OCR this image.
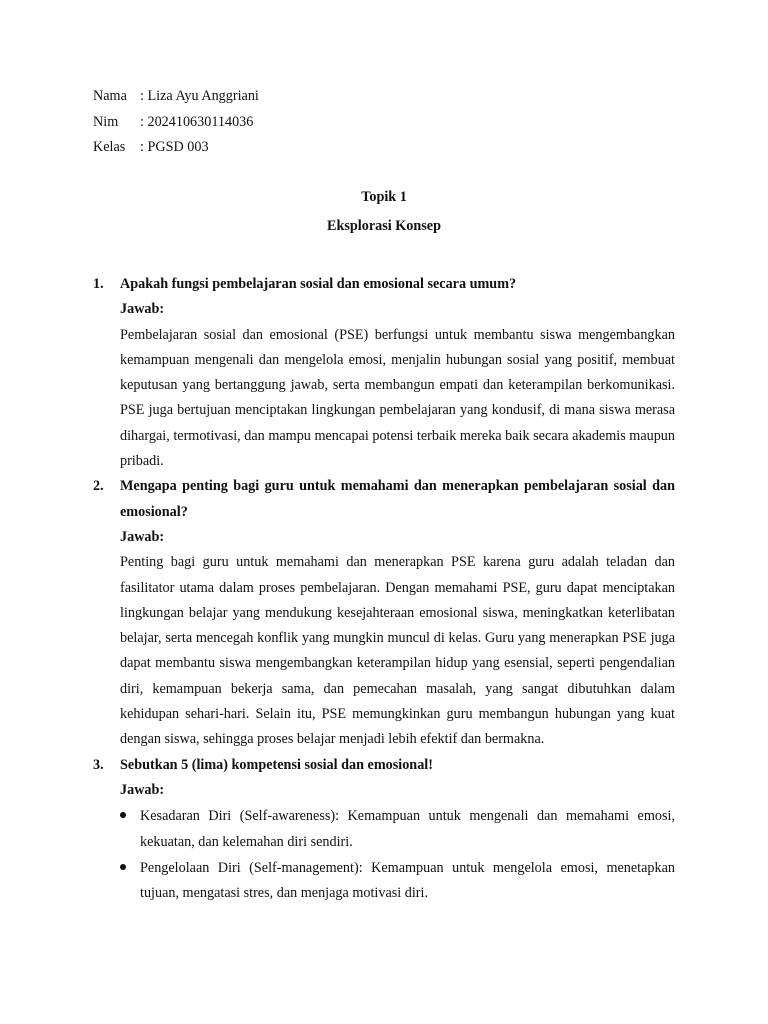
Nama : Liza Ayu Anggriani
Nim	: 202410630114036
Kelas	: PGSD 003
Topik 1
Eksplorasi Konsep
1.	Apakah fungsi pembelajaran sosial dan emosional secara umum?
Jawab:
Pembelajaran sosial dan emosional (PSE) berfungsi untuk membantu siswa mengembangkan kemampuan mengenali dan mengelola emosi, menjalin hubungan sosial yang positif, membuat keputusan yang bertanggung jawab, serta membangun empati dan keterampilan berkomunikasi. PSE juga bertujuan menciptakan lingkungan pembelajaran yang kondusif, di mana siswa merasa dihargai, termotivasi, dan mampu mencapai potensi terbaik mereka baik secara akademis maupun pribadi.
2.	Mengapa penting bagi guru untuk memahami dan menerapkan pembelajaran sosial dan emosional?
Jawab:
Penting bagi guru untuk memahami dan menerapkan PSE karena guru adalah teladan dan fasilitator utama dalam proses pembelajaran. Dengan memahami PSE, guru dapat menciptakan lingkungan belajar yang mendukung kesejahteraan emosional siswa, meningkatkan keterlibatan belajar, serta mencegah konflik yang mungkin muncul di kelas. Guru yang menerapkan PSE juga dapat membantu siswa mengembangkan keterampilan hidup yang esensial, seperti pengendalian diri, kemampuan bekerja sama, dan pemecahan masalah, yang sangat dibutuhkan dalam kehidupan sehari-hari. Selain itu, PSE memungkinkan guru membangun hubungan yang kuat dengan siswa, sehingga proses belajar menjadi lebih efektif dan bermakna.
3.	Sebutkan 5 (lima) kompetensi sosial dan emosional!
Jawab:
Kesadaran Diri (Self-awareness): Kemampuan untuk mengenali dan memahami emosi, kekuatan, dan kelemahan diri sendiri.
Pengelolaan Diri (Self-management): Kemampuan untuk mengelola emosi, menetapkan tujuan, mengatasi stres, dan menjaga motivasi diri.
